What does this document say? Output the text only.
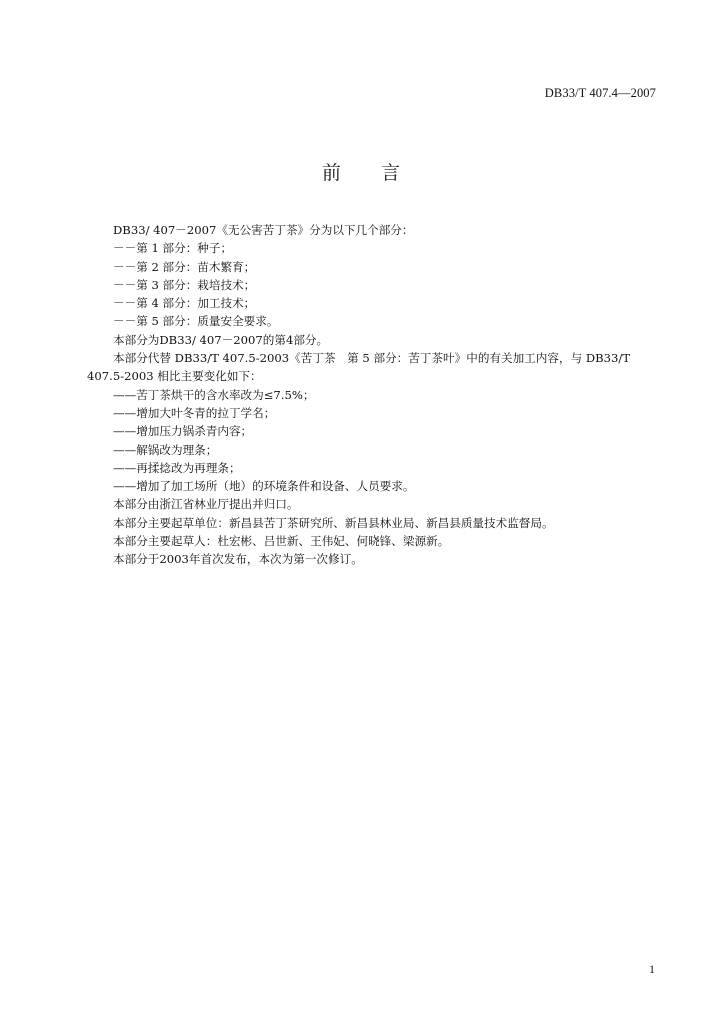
DB33/T 407.4—2007
前 言
DB33/ 407－2007《无公害苦丁茶》分为以下几个部分：
－－第 1 部分：种子；
－－第 2 部分：苗木繁育；
－－第 3 部分：栽培技术；
－－第 4 部分：加工技术；
－－第 5 部分：质量安全要求。
本部分为DB33/ 407－2007的第4部分。
本部分代替 DB33/T 407.5-2003《苦丁茶　第 5 部分：苦丁茶叶》中的有关加工内容，与 DB33/T
407.5-2003 相比主要变化如下：
——苦丁茶烘干的含水率改为≤7.5%；
——增加大叶冬青的拉丁学名；
——增加压力锅杀青内容；
——解锅改为理条；
——再揉捻改为再理条；
——增加了加工场所（地）的环境条件和设备、人员要求。
本部分由浙江省林业厅提出并归口。
本部分主要起草单位：新昌县苦丁茶研究所、新昌县林业局、新昌县质量技术监督局。
本部分主要起草人：杜宏彬、吕世新、王伟妃、何晓锋、梁源新。
本部分于2003年首次发布，本次为第一次修订。
1
